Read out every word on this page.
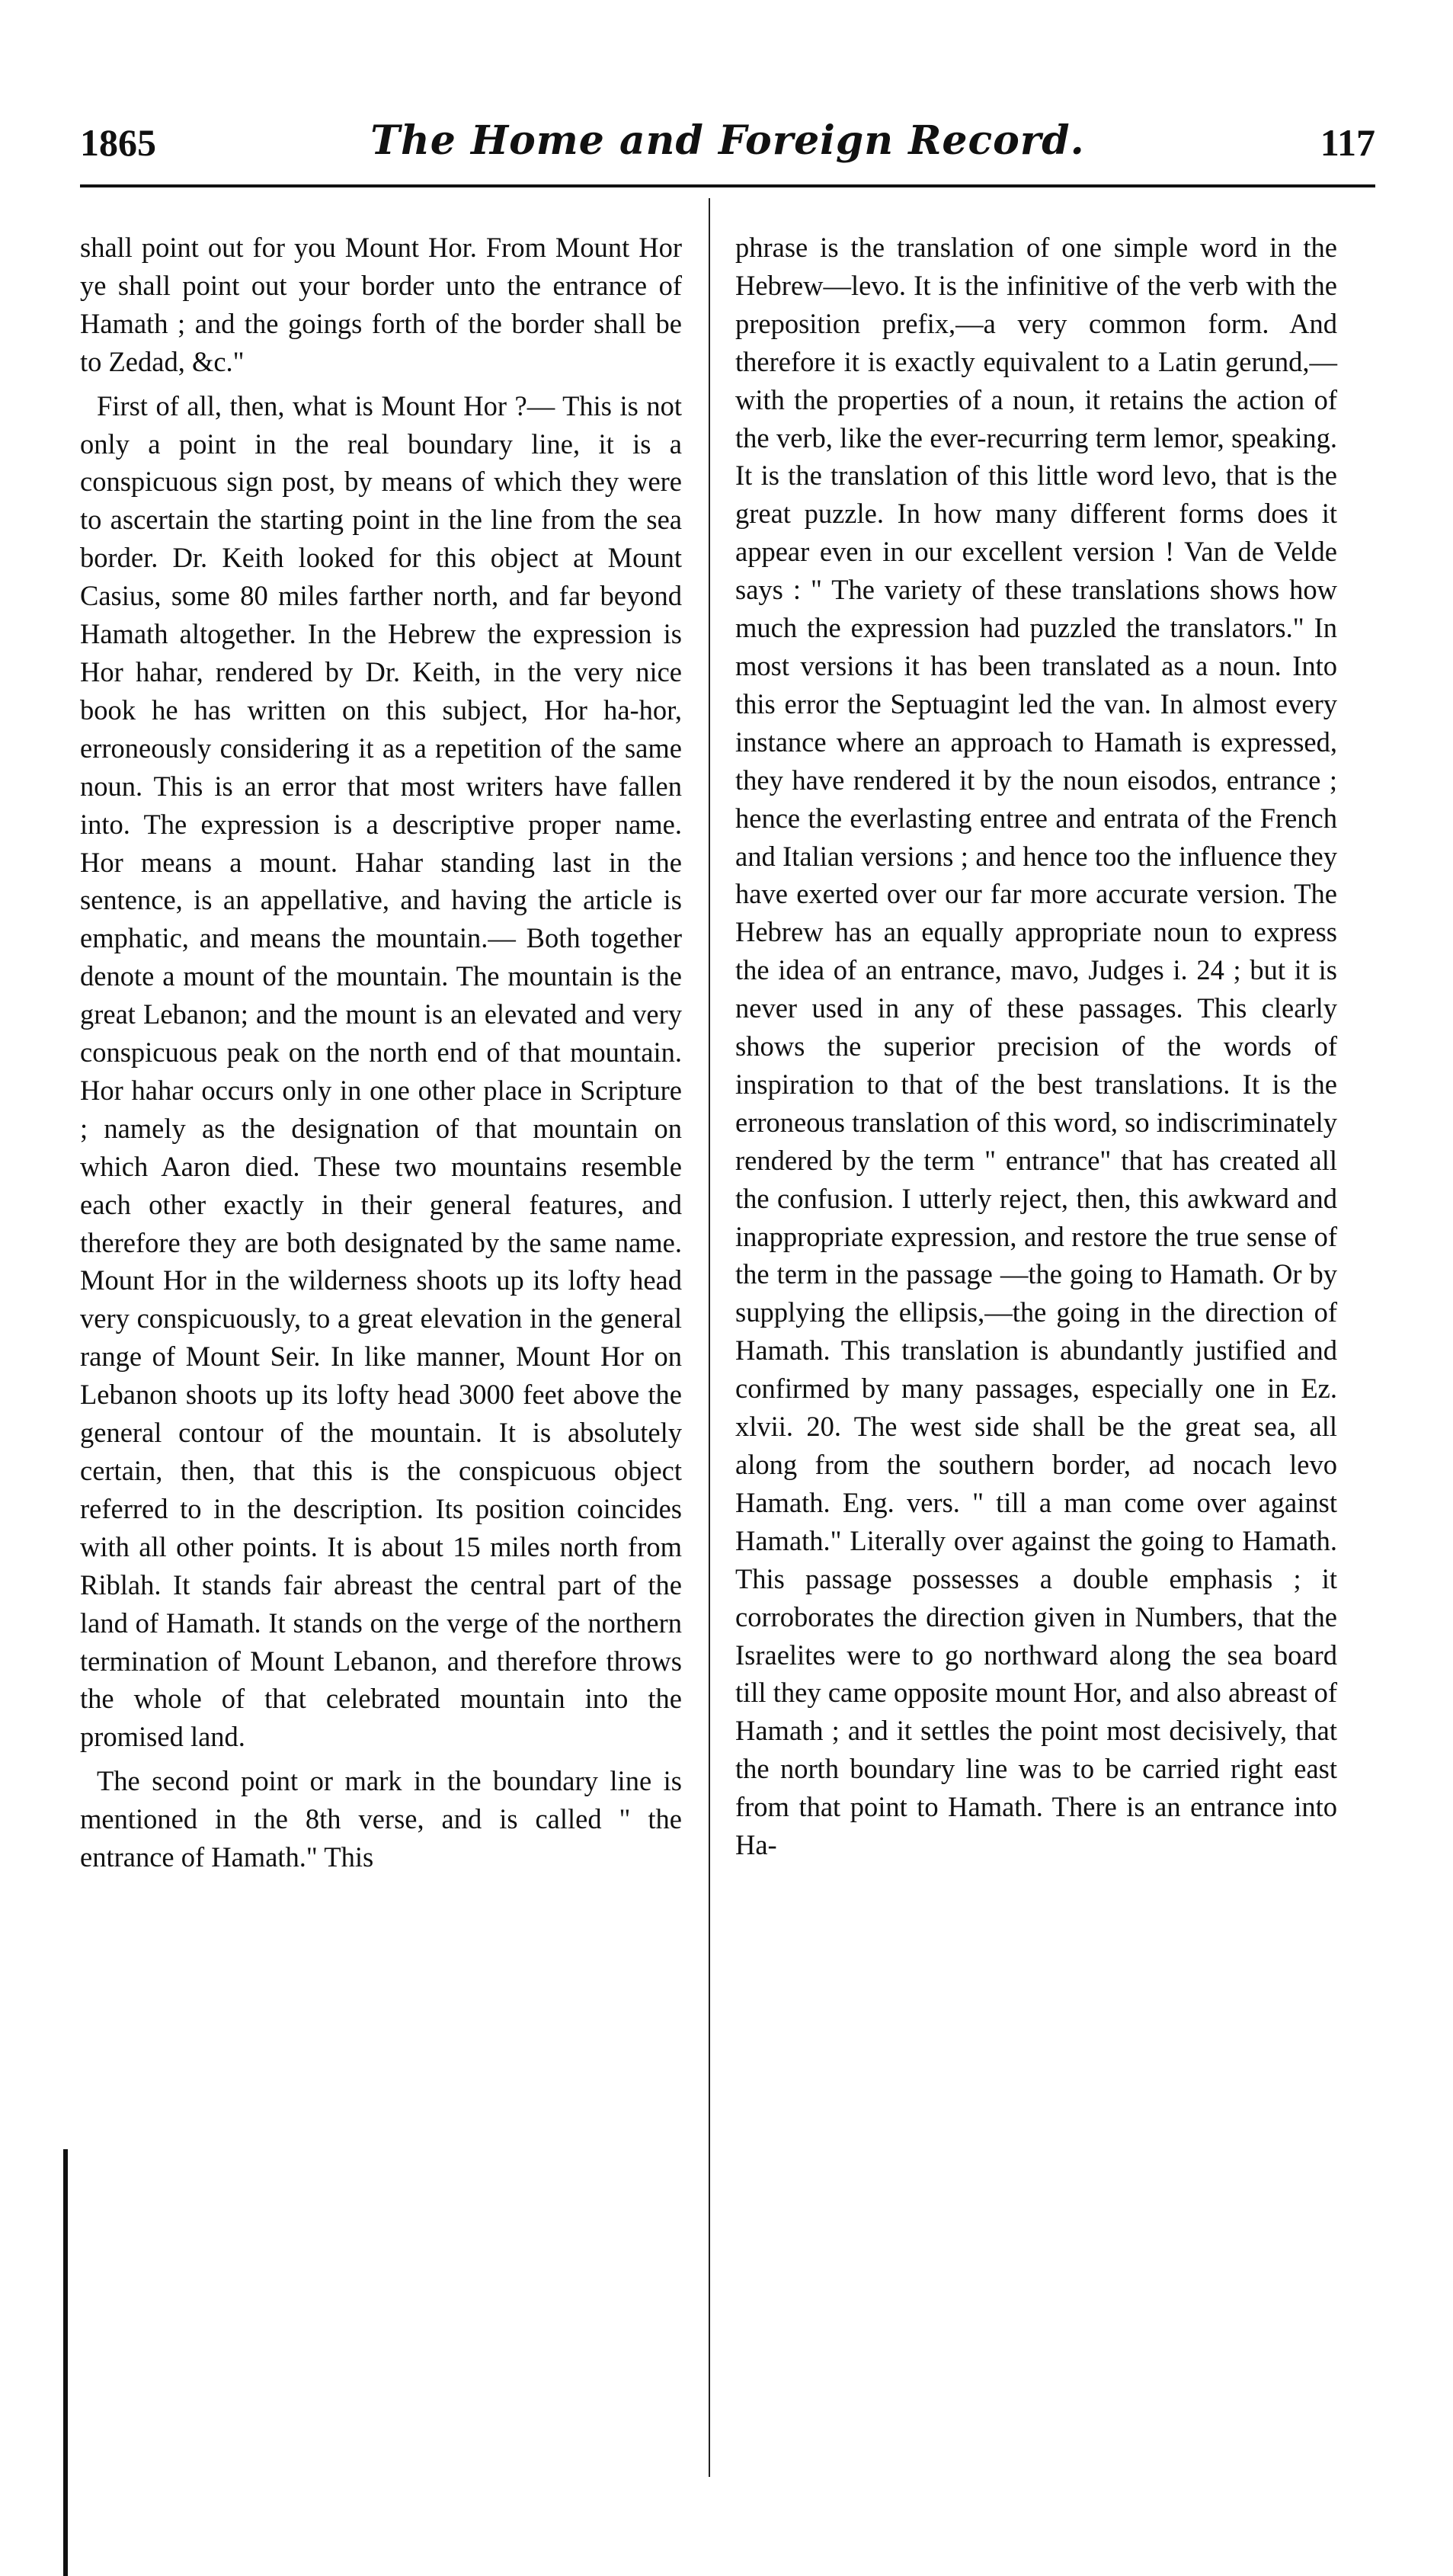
1865	The Home and Foreign Record.	117

shall point out for you Mount Hor. From Mount Hor ye shall point out your border unto the entrance of Hamath ; and the goings forth of the border shall be to Zedad, &c."

First of all, then, what is Mount Hor ?— This is not only a point in the real boundary line, it is a conspicuous sign post, by means of which they were to ascertain the starting point in the line from the sea border. Dr. Keith looked for this object at Mount Casius, some 80 miles farther north, and far beyond Hamath altogether. In the Hebrew the expression is Hor hahar, rendered by Dr. Keith, in the very nice book he has written on this subject, Hor ha-hor, erroneously considering it as a repetition of the same noun. This is an error that most writers have fallen into. The expression is a descriptive proper name. Hor means a mount. Hahar standing last in the sentence, is an appellative, and having the article is emphatic, and means the mountain.— Both together denote a mount of the mountain. The mountain is the great Lebanon; and the mount is an elevated and very conspicuous peak on the north end of that mountain. Hor hahar occurs only in one other place in Scripture ; namely as the designation of that mountain on which Aaron died. These two mountains resemble each other exactly in their general features, and therefore they are both designated by the same name. Mount Hor in the wilderness shoots up its lofty head very conspicuously, to a great elevation in the general range of Mount Seir. In like manner, Mount Hor on Lebanon shoots up its lofty head 3000 feet above the general contour of the mountain. It is absolutely certain, then, that this is the conspicuous object referred to in the description. Its position coincides with all other points. It is about 15 miles north from Riblah. It stands fair abreast the central part of the land of Hamath. It stands on the verge of the northern termination of Mount Lebanon, and therefore throws the whole of that celebrated mountain into the promised land.

The second point or mark in the boundary line is mentioned in the 8th verse, and is called " the entrance of Hamath." This

phrase is the translation of one simple word in the Hebrew—levo. It is the infinitive of the verb with the preposition prefix,—a very common form. And therefore it is exactly equivalent to a Latin gerund,—with the properties of a noun, it retains the action of the verb, like the ever-recurring term lemor, speaking. It is the translation of this little word levo, that is the great puzzle. In how many different forms does it appear even in our excellent version ! Van de Velde says : " The variety of these translations shows how much the expression had puzzled the translators." In most versions it has been translated as a noun. Into this error the Septuagint led the van. In almost every instance where an approach to Hamath is expressed, they have rendered it by the noun eisodos, entrance ; hence the everlasting entree and entrata of the French and Italian versions ; and hence too the influence they have exerted over our far more accurate version. The Hebrew has an equally appropriate noun to express the idea of an entrance, mavo, Judges i. 24 ; but it is never used in any of these passages. This clearly shows the superior precision of the words of inspiration to that of the best translations. It is the erroneous translation of this word, so indiscriminately rendered by the term " entrance" that has created all the confusion. I utterly reject, then, this awkward and inappropriate expression, and restore the true sense of the term in the passage —the going to Hamath. Or by supplying the ellipsis,—the going in the direction of Hamath. This translation is abundantly justified and confirmed by many passages, especially one in Ez. xlvii. 20. The west side shall be the great sea, all along from the southern border, ad nocach levo Hamath. Eng. vers. " till a man come over against Hamath." Literally over against the going to Hamath. This passage possesses a double emphasis ; it corroborates the direction given in Numbers, that the Israelites were to go northward along the sea board till they came opposite mount Hor, and also abreast of Hamath ; and it settles the point most decisively, that the north boundary line was to be carried right east from that point to Hamath. There is an entrance into Ha-
